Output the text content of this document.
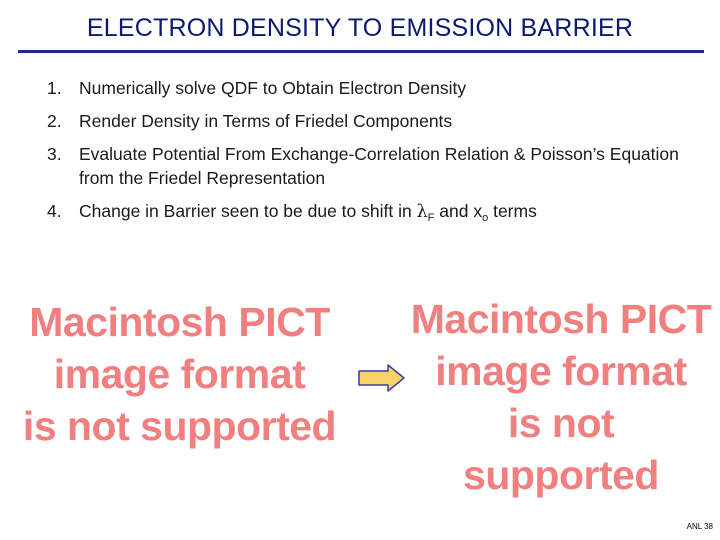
ELECTRON DENSITY TO EMISSION BARRIER
1. Numerically solve QDF to Obtain Electron Density
2. Render Density in Terms of Friedel Components
3. Evaluate Potential From Exchange-Correlation Relation & Poisson’s Equation from the Friedel Representation
4. Change in Barrier seen to be due to shift in $\lambda_F$ and $x_o$ terms
Macintosh PICT
image format
is not supported
Macintosh PICT
image format
is not supported
ANL 38
